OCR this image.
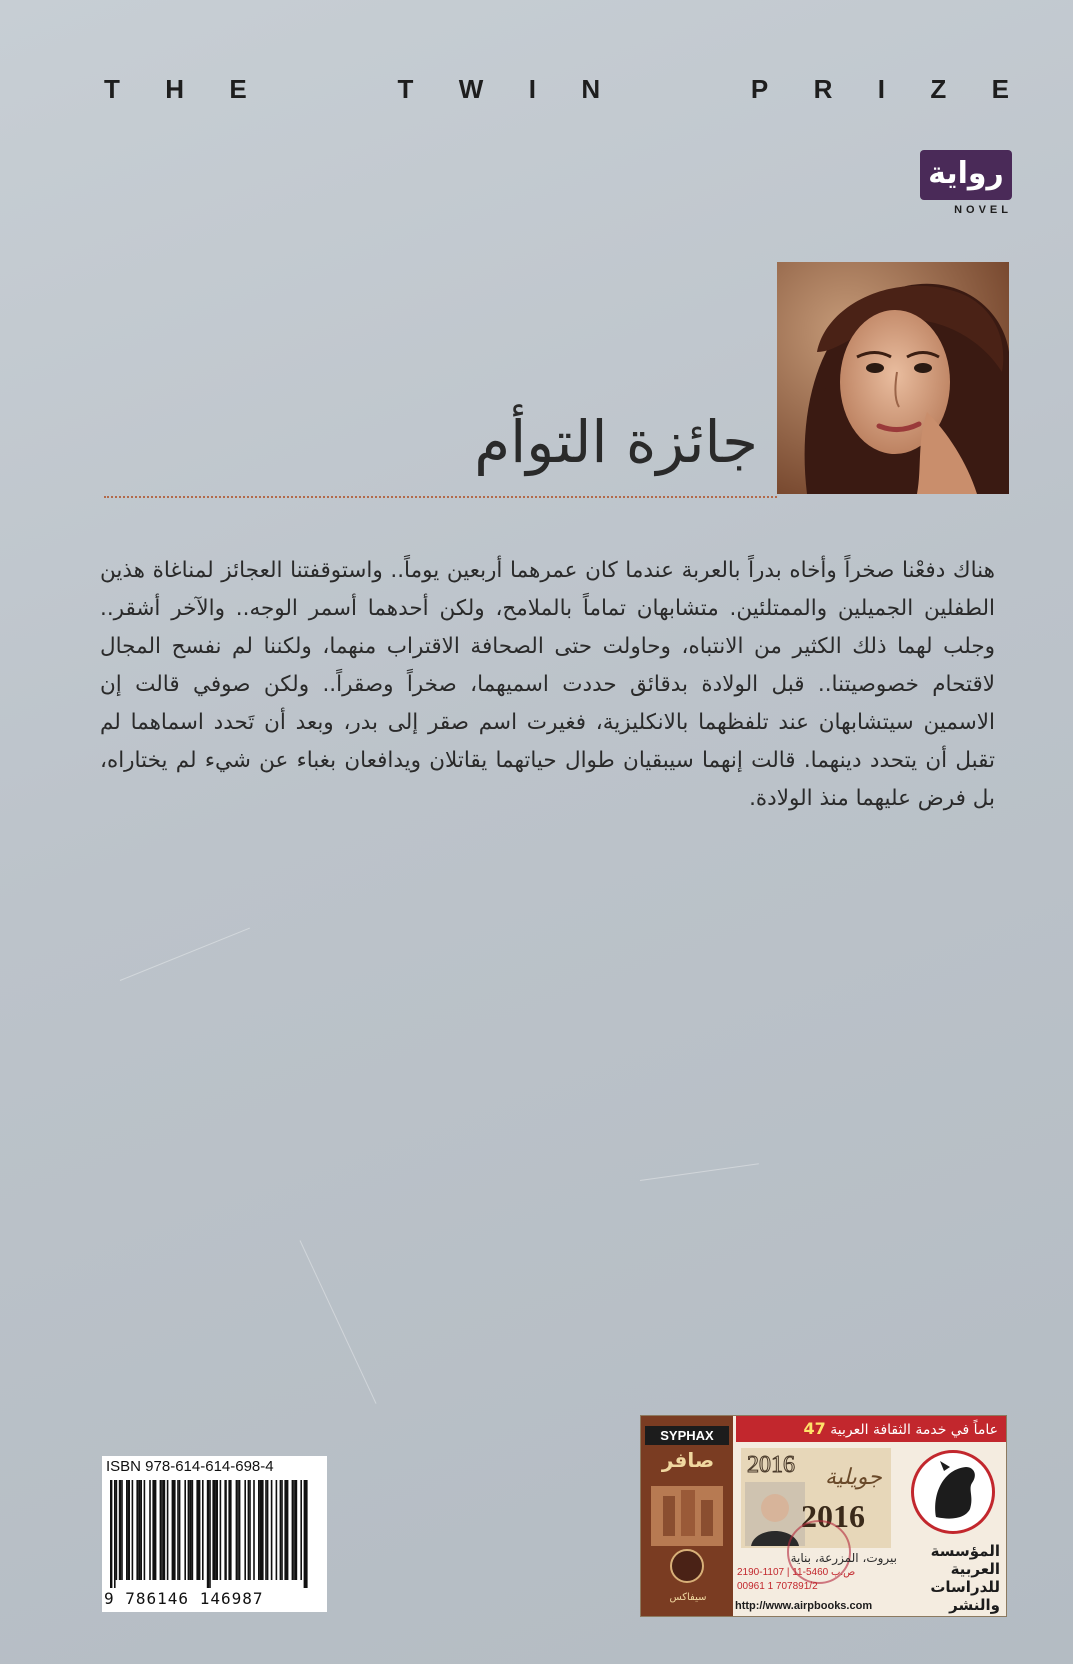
T H E	T W I N	P R I Z E
رواية
NOVEL
جائزة التوأم
هناك دفعْنا صخراً وأخاه بدراً بالعربة عندما كان عمرهما أربعين يوماً.. واستوقفتنا العجائز لمناغاة هذين الطفلين الجميلين والممتلئين. متشابهان تماماً بالملامح، ولكن أحدهما أسمر الوجه.. والآخر أشقر.. وجلب لهما ذلك الكثير من الانتباه، وحاولت حتى الصحافة الاقتراب منهما، ولكننا لم نفسح المجال لاقتحام خصوصيتنا.. قبل الولادة بدقائق حددت اسميهما، صخراً وصقراً.. ولكن صوفي قالت إن الاسمين سيتشابهان عند تلفظهما بالانكليزية، فغيرت اسم صقر إلى بدر، وبعد أن تَحدد اسماهما لم تقبل أن يتحدد دينهما. قالت إنهما سيبقيان طوال حياتهما يقاتلان ويدافعان بغباء عن شيء لم يختاراه، بل فرض عليهما منذ الولادة.
ISBN 978-614-614-698-4
9 786146 146987
SYPHAX
صافر
سيفاكس
عاماً في خدمة الثقافة العربية 47
2016 جويلية
2016
بيروت، المزرعة، بناية
2190-1107 | 11-5460 ص.ب
00961 1 707891/2
http://www.airpbooks.com
المؤسسة
العربية
للدراسات
والنشر
